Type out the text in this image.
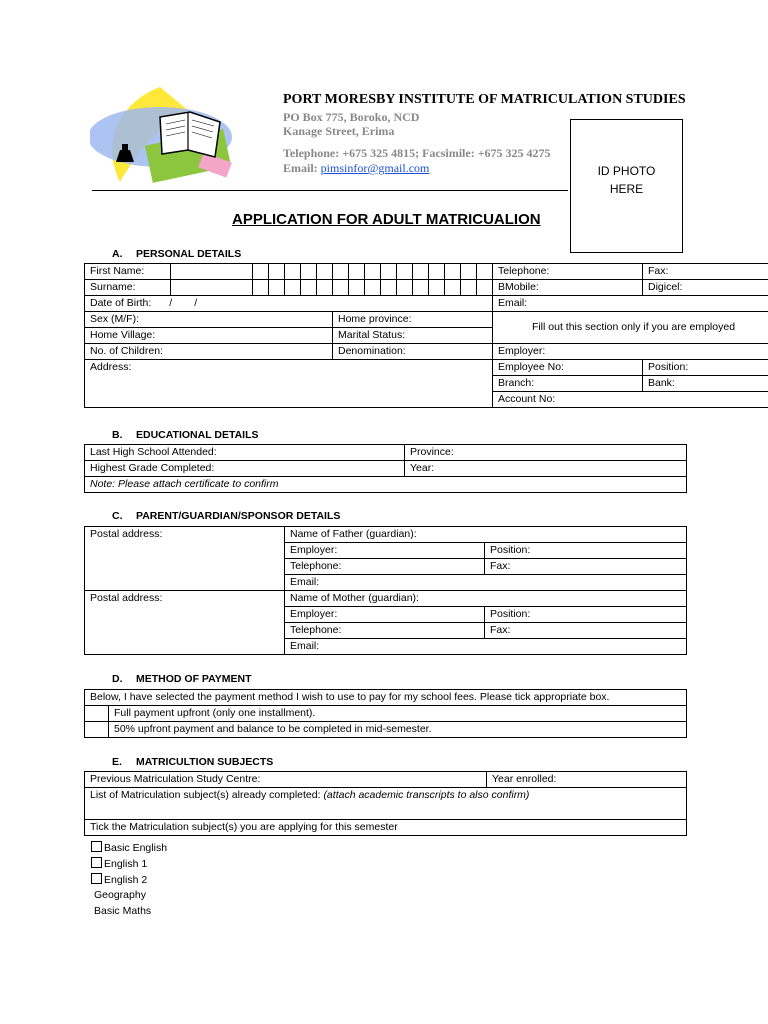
PORT MORESBY INSTITUTE OF MATRICULATION STUDIES
PO Box 775, Boroko, NCD
Kanage Street, Erima
Telephone: +675 325 4815; Facsimile: +675 325 4275
Email: pimsinfor@gmail.com	ID PHOTO
HERE
APPLICATION FOR ADULT MATRICUALION
A. PERSONAL DETAILS
First Name:																	Telephone:	Fax:
Surname:																	BMobile:	Digicel:
Date of Birth: / /																	Email:	
Sex (M/F):							Home province:										Fill out this section only if you are employed	
Home Village:							Marital Status:											
No. of Children:							Denomination:										Employer:	
Address:																	Employee No:	Position:
																	Branch:	Bank:
																	Account No:	
B. EDUCATIONAL DETAILS
Last High School Attended:	Province:
Highest Grade Completed:	Year:
Note: Please attach certificate to confirm	
C. PARENT/GUARDIAN/SPONSOR DETAILS
Postal address:	Name of Father (guardian):	
	Employer:	Position:
	Telephone:	Fax:
	Email:	
Postal address:	Name of Mother (guardian):	
	Employer:	Position:
	Telephone:	Fax:
	Email:	
D. METHOD OF PAYMENT
Below, I have selected the payment method I wish to use to pay for my school fees. Please tick appropriate box.	
	Full payment upfront (only one installment).
	50% upfront payment and balance to be completed in mid-semester.
E. MATRICULTION SUBJECTS
Previous Matriculation Study Centre:	Year enrolled:
List of Matriculation subject(s) already completed: (attach academic transcripts to also confirm)
Tick the Matriculation subject(s) you are applying for this semester
Basic English
English 1
English 2
Geography
Basic Maths
